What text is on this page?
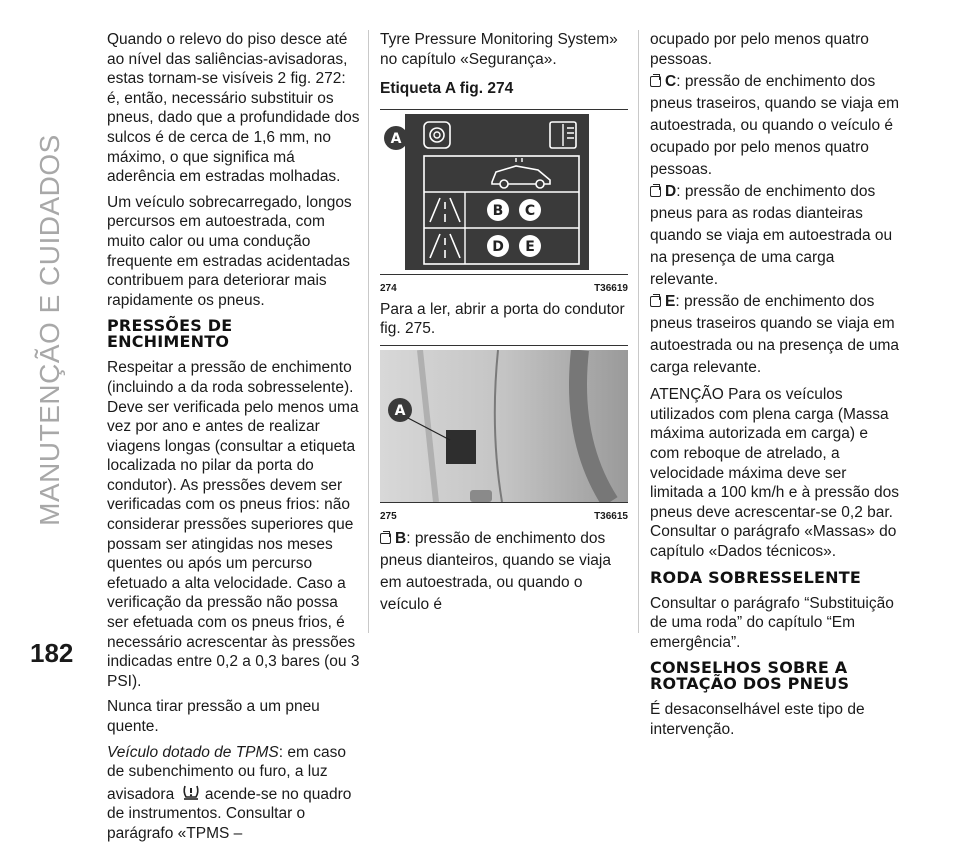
MANUTENÇÃO E CUIDADOS
182

Quando o relevo do piso desce até ao nível das saliências-avisadoras, estas tornam-se visíveis 2 fig. 272: é, então, necessário substituir os pneus, dado que a profundidade dos sulcos é de cerca de 1,6 mm, no máximo, o que significa má aderência em estradas molhadas.

Um veículo sobrecarregado, longos percursos em autoestrada, com muito calor ou uma condução frequente em estradas acidentadas contribuem para deteriorar mais rapidamente os pneus.

PRESSÕES DE ENCHIMENTO

Respeitar a pressão de enchimento (incluindo a da roda sobresselente). Deve ser verificada pelo menos uma vez por ano e antes de realizar viagens longas (consultar a etiqueta localizada no pilar da porta do condutor). As pressões devem ser verificadas com os pneus frios: não considerar pressões superiores que possam ser atingidas nos meses quentes ou após um percurso efetuado a alta velocidade. Caso a verificação da pressão não possa ser efetuada com os pneus frios, é necessário acrescentar às pressões indicadas entre 0,2 a 0,3 bares (ou 3 PSI).

Nunca tirar pressão a um pneu quente.

Veículo dotado de TPMS: em caso de subenchimento ou furo, a luz avisadora acende-se no quadro de instrumentos. Consultar o parágrafo «TPMS –

Tyre Pressure Monitoring System» no capítulo «Segurança».

Etiqueta A fig. 274
B C
D E
A
274	T36619

Para a ler, abrir a porta do condutor fig. 275.

A
275	T36615

B: pressão de enchimento dos pneus dianteiros, quando se viaja em autoestrada, ou quando o veículo é

ocupado por pelo menos quatro pessoas.

C: pressão de enchimento dos pneus traseiros, quando se viaja em autoestrada, ou quando o veículo é ocupado por pelo menos quatro pessoas.

D: pressão de enchimento dos pneus para as rodas dianteiras quando se viaja em autoestrada ou na presença de uma carga relevante.

E: pressão de enchimento dos pneus traseiros quando se viaja em autoestrada ou na presença de uma carga relevante.

ATENÇÃO Para os veículos utilizados com plena carga (Massa máxima autorizada em carga) e com reboque de atrelado, a velocidade máxima deve ser limitada a 100 km/h e à pressão dos pneus deve acrescentar-se 0,2 bar. Consultar o parágrafo «Massas» do capítulo «Dados técnicos».

RODA SOBRESSELENTE

Consultar o parágrafo “Substituição de uma roda” do capítulo “Em emergência”.

CONSELHOS SOBRE A ROTAÇÃO DOS PNEUS

É desaconselhável este tipo de intervenção.
